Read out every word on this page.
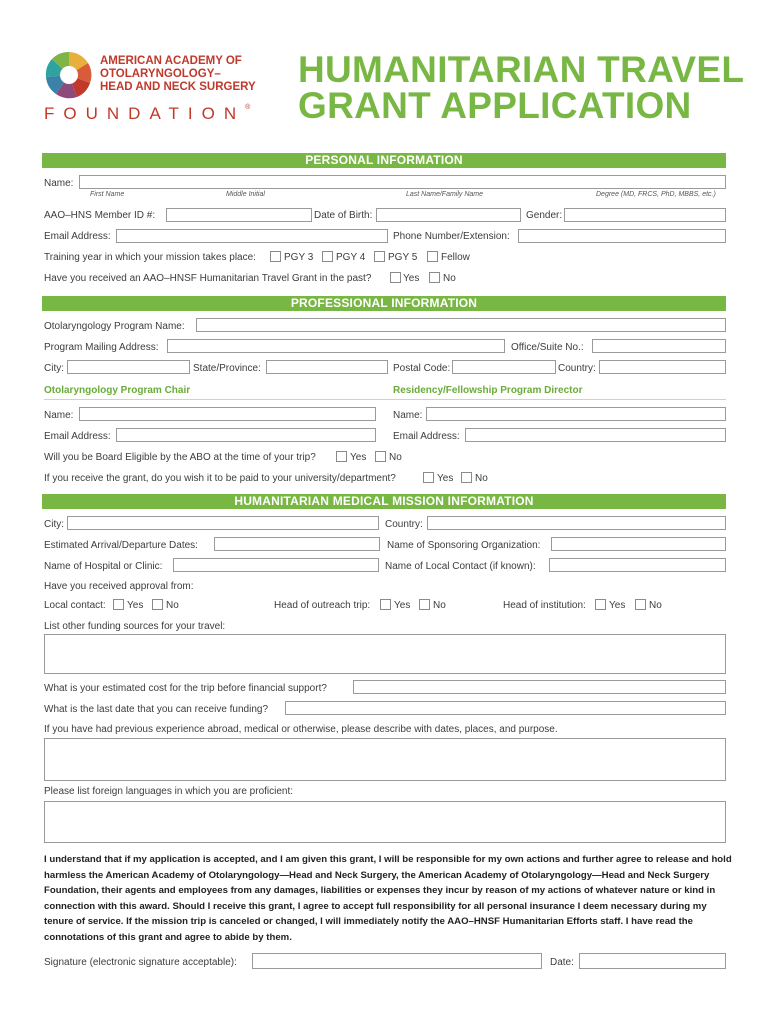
AMERICAN ACADEMY OF
OTOLARYNGOLOGY–
HEAD AND NECK SURGERY
FOUNDATION®
HUMANITARIAN TRAVEL
GRANT APPLICATION
PERSONAL INFORMATION
Name:
First Name	Middle Initial	Last Name/Family Name	Degree (MD, FRCS, PhD, MBBS, etc.)
AAO–HNS Member ID #:	Date of Birth:	Gender:
Email Address:	Phone Number/Extension:
Training year in which your mission takes place:	PGY 3 PGY 4 PGY 5 Fellow
Have you received an AAO–HNSF Humanitarian Travel Grant in the past?	Yes No
PROFESSIONAL INFORMATION
Otolaryngology Program Name:
Program Mailing Address:	Office/Suite No.:
City:	State/Province:	Postal Code:	Country:
Otolaryngology Program Chair	Residency/Fellowship Program Director
Name:	Name:
Email Address:	Email Address:
Will you be Board Eligible by the ABO at the time of your trip?	Yes No
If you receive the grant, do you wish it to be paid to your university/department?	Yes No
HUMANITARIAN MEDICAL MISSION INFORMATION
City:	Country:
Estimated Arrival/Departure Dates:	Name of Sponsoring Organization:
Name of Hospital or Clinic:	Name of Local Contact (if known):
Have you received approval from:
Local contact: Yes No	Head of outreach trip: Yes No	Head of institution: Yes No
List other funding sources for your travel:
What is your estimated cost for the trip before financial support?
What is the last date that you can receive funding?
If you have had previous experience abroad, medical or otherwise, please describe with dates, places, and purpose.
Please list foreign languages in which you are proficient:
I understand that if my application is accepted, and I am given this grant, I will be responsible for my own actions and further agree to release and hold harmless the American Academy of Otolaryngology—Head and Neck Surgery, the American Academy of Otolaryngology—Head and Neck Surgery Foundation, their agents and employees from any damages, liabilities or expenses they incur by reason of my actions of whatever nature or kind in connection with this award. Should I receive this grant, I agree to accept full responsibility for all personal insurance I deem necessary during my tenure of service. If the mission trip is canceled or changed, I will immediately notify the AAO–HNSF Humanitarian Efforts staff. I have read the connotations of this grant and agree to abide by them.
Signature (electronic signature acceptable):	Date:
